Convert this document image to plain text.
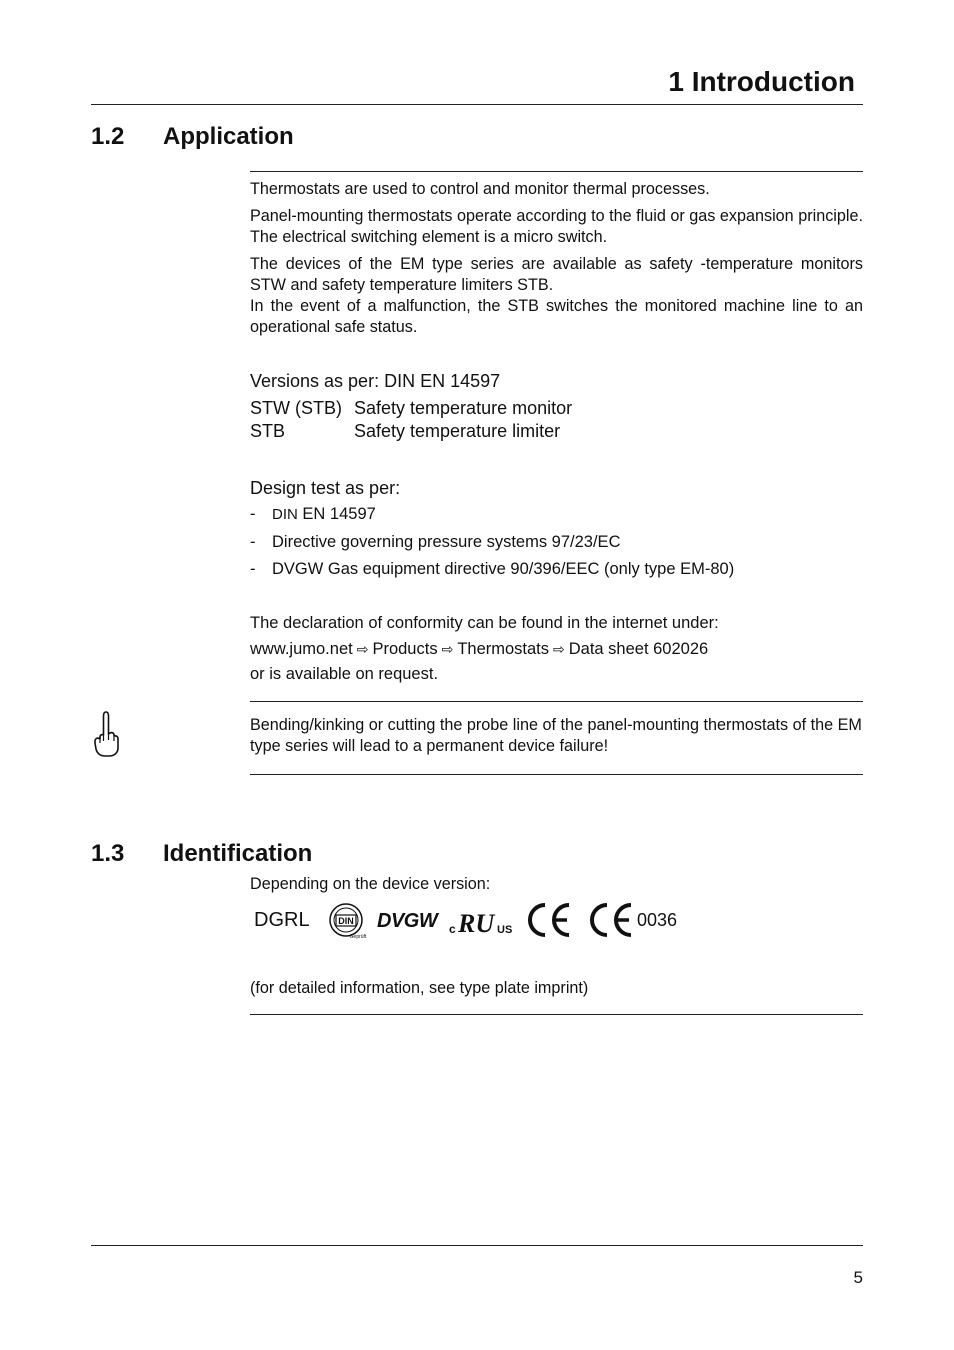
1 Introduction
1.2 Application

Thermostats are used to control and monitor thermal processes.

Panel-mounting thermostats operate according to the fluid or gas expansion principle. The electrical switching element is a micro switch.

The devices of the EM type series are available as safety -temperature monitors STW and safety temperature limiters STB.

In the event of a malfunction, the STB switches the monitored machine line to an operational safe status.

Versions as per: DIN EN 14597

STW (STB) Safety temperature monitor
STB	Safety temperature limiter

Design test as per:

- DIN EN 14597
- Directive governing pressure systems 97/23/EC
- DVGW Gas equipment directive 90/396/EEC (only type EM-80)
The declaration of conformity can be found in the internet under:
www.jumo.net ⇨ Products ⇨ Thermostats ⇨ Data sheet 602026
or is available on request.

Bending/kinking or cutting the probe line of the panel-mounting thermostats of the EM type series will lead to a permanent device failure!

1.3 Identification

Depending on the device version:

DGRL	DIN
Geprüft
DVGW c RU US	0036

(for detailed information, see type plate imprint)

5
